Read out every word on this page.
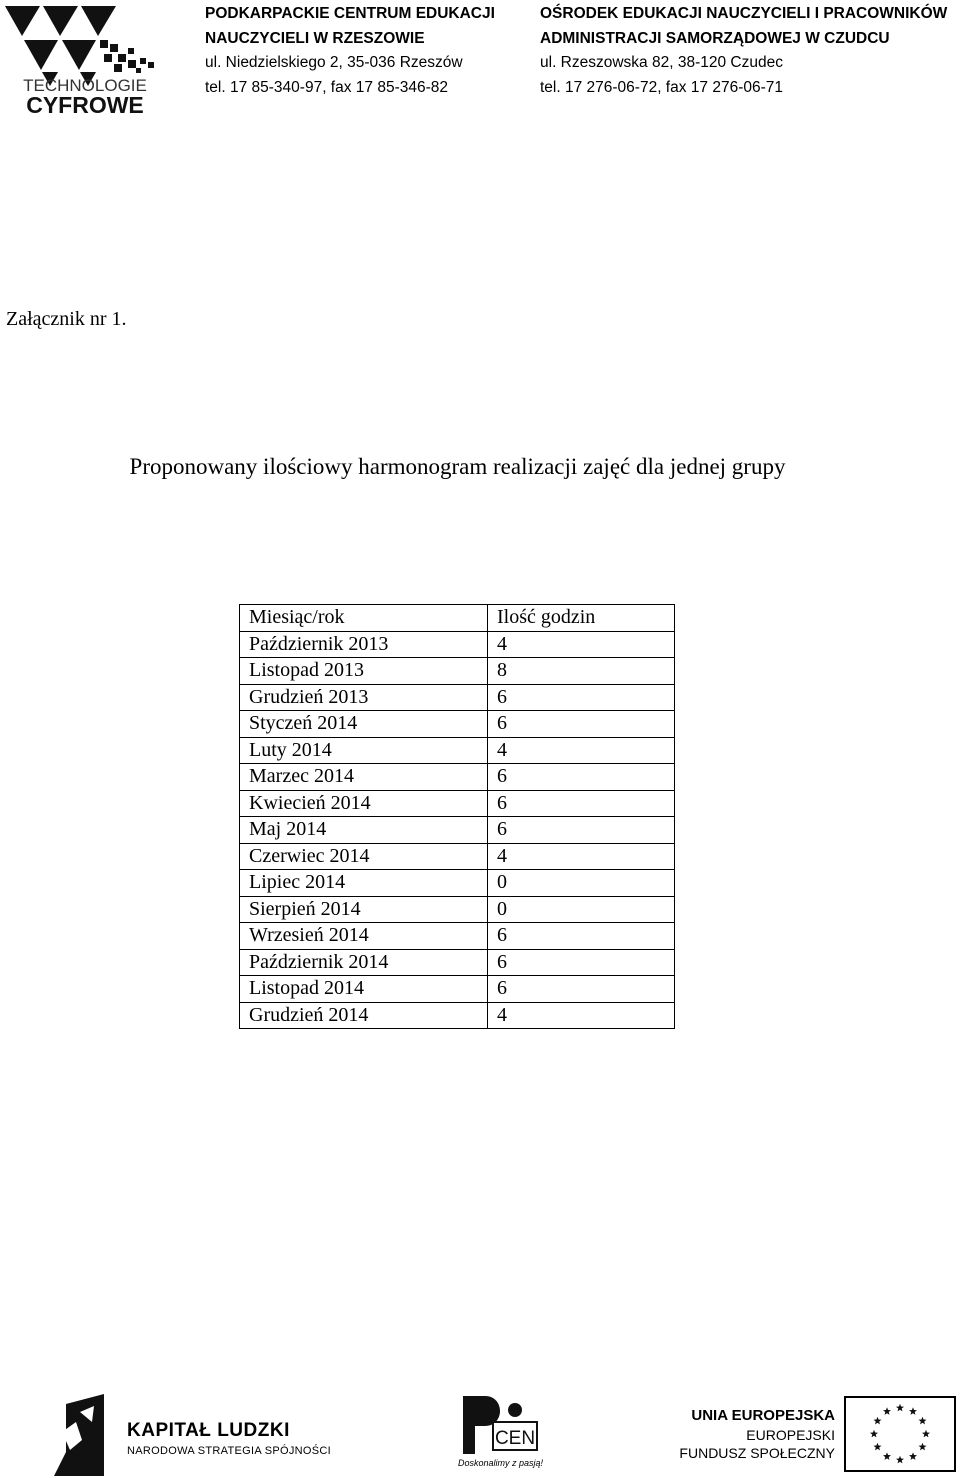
TECHNOLOGIE
CYFROWE
PODKARPACKIE CENTRUM EDUKACJI
NAUCZYCIELI W RZESZOWIE
ul. Niedzielskiego 2, 35-036 Rzeszów
tel. 17 85-340-97, fax 17 85-346-82
OŚRODEK EDUKACJI NAUCZYCIELI I PRACOWNIKÓW
ADMINISTRACJI SAMORZĄDOWEJ W CZUDCU
ul. Rzeszowska 82, 38-120 Czudec
tel. 17 276-06-72, fax 17 276-06-71
Załącznik nr 1.
Proponowany ilościowy harmonogram realizacji zajęć dla jednej grupy
Miesiąc/rok	Ilość godzin
Październik 2013	4
Listopad 2013	8
Grudzień 2013	6
Styczeń 2014	6
Luty 2014	4
Marzec 2014	6
Kwiecień 2014	6
Maj 2014	6
Czerwiec 2014	4
Lipiec 2014	0
Sierpień 2014	0
Wrzesień 2014	6
Październik 2014	6
Listopad 2014	6
Grudzień 2014	4
KAPITAŁ LUDZKI
NARODOWA STRATEGIA SPÓJNOŚCI
CEN
Doskonalimy z pasją!
UNIA EUROPEJSKA
EUROPEJSKI
FUNDUSZ SPOŁECZNY
